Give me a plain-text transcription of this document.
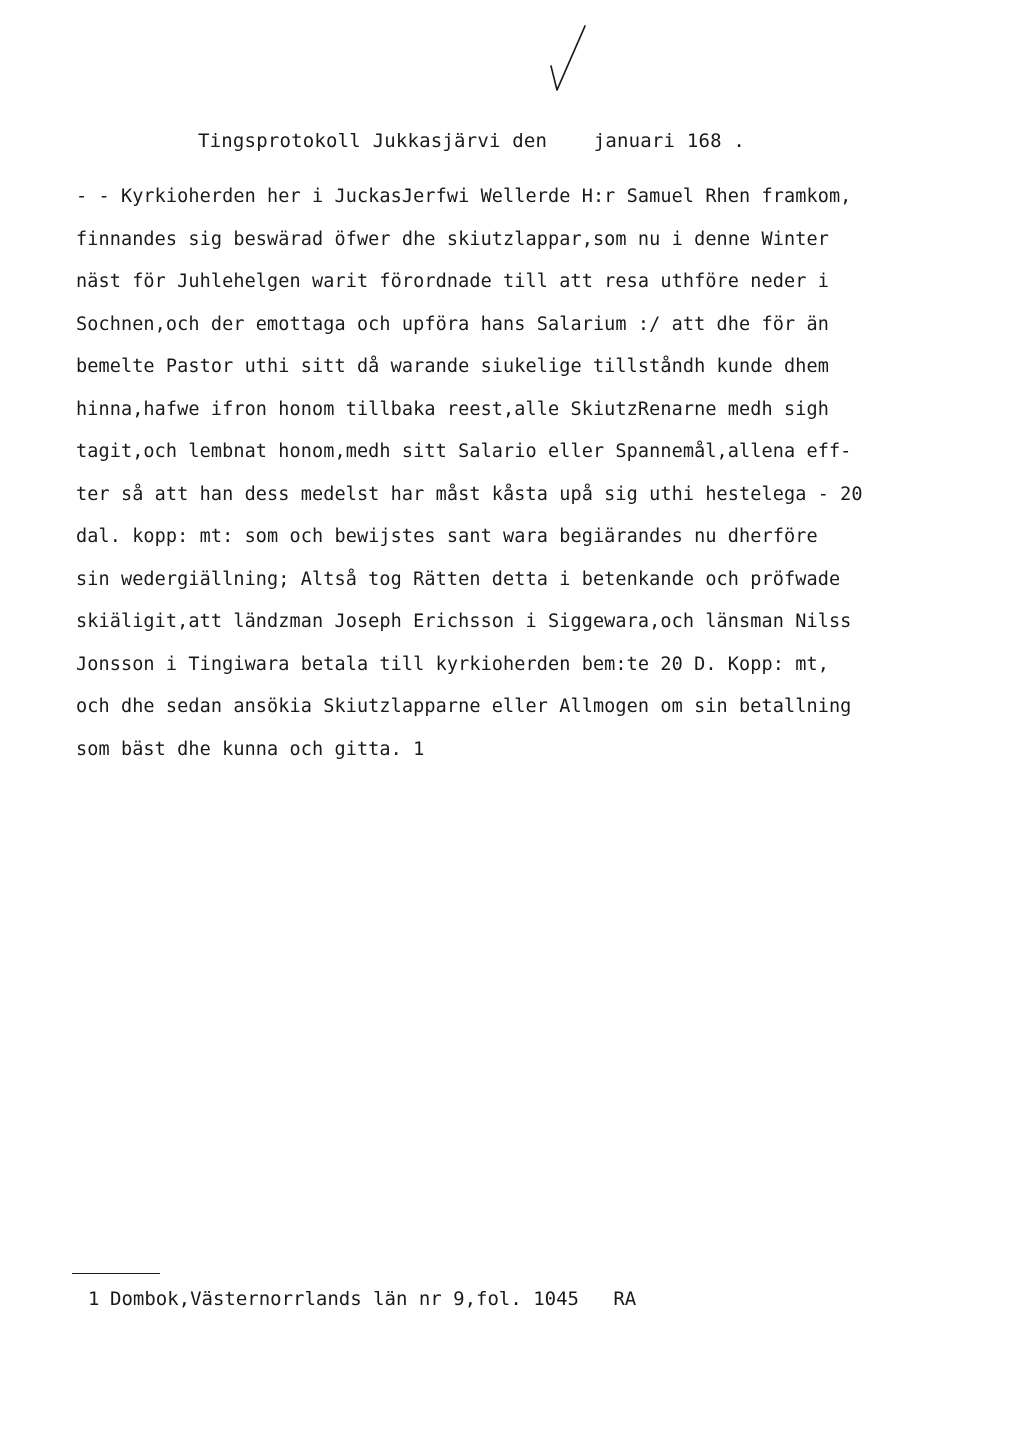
Tingsprotokoll Jukkasjärvi den    januari 168 .
- - Kyrkioherden her i JuckasJerfwi Wellerde H:r Samuel Rhen framkom,
finnandes sig beswärad öfwer dhe skiutzlappar,som nu i denne Winter
näst för Juhlehelgen warit förordnade till att resa uthföre neder i
Sochnen,och der emottaga och upföra hans Salarium :/ att dhe för än
bemelte Pastor uthi sitt då warande siukelige tillståndh kunde dhem
hinna,hafwe ifron honom tillbaka reest,alle SkiutzRenarne medh sigh
tagit,och lembnat honom,medh sitt Salario eller Spannemål,allena eff-
ter så att han dess medelst har måst kåsta upå sig uthi hestelega - 20
dal. kopp: mt: som och bewijstes sant wara begiärandes nu dherföre
sin wedergiällning; Altså tog Rätten detta i betenkande och pröfwade
skiäligit,att ländzman Joseph Erichsson i Siggewara,och länsman Nilss
Jonsson i Tingiwara betala till kyrkioherden bem:te 20 D. Kopp: mt,
och dhe sedan ansökia Skiutzlapparne eller Allmogen om sin betallning
som bäst dhe kunna och gitta. 1
1 Dombok,Västernorrlands län nr 9,fol. 1045   RA
